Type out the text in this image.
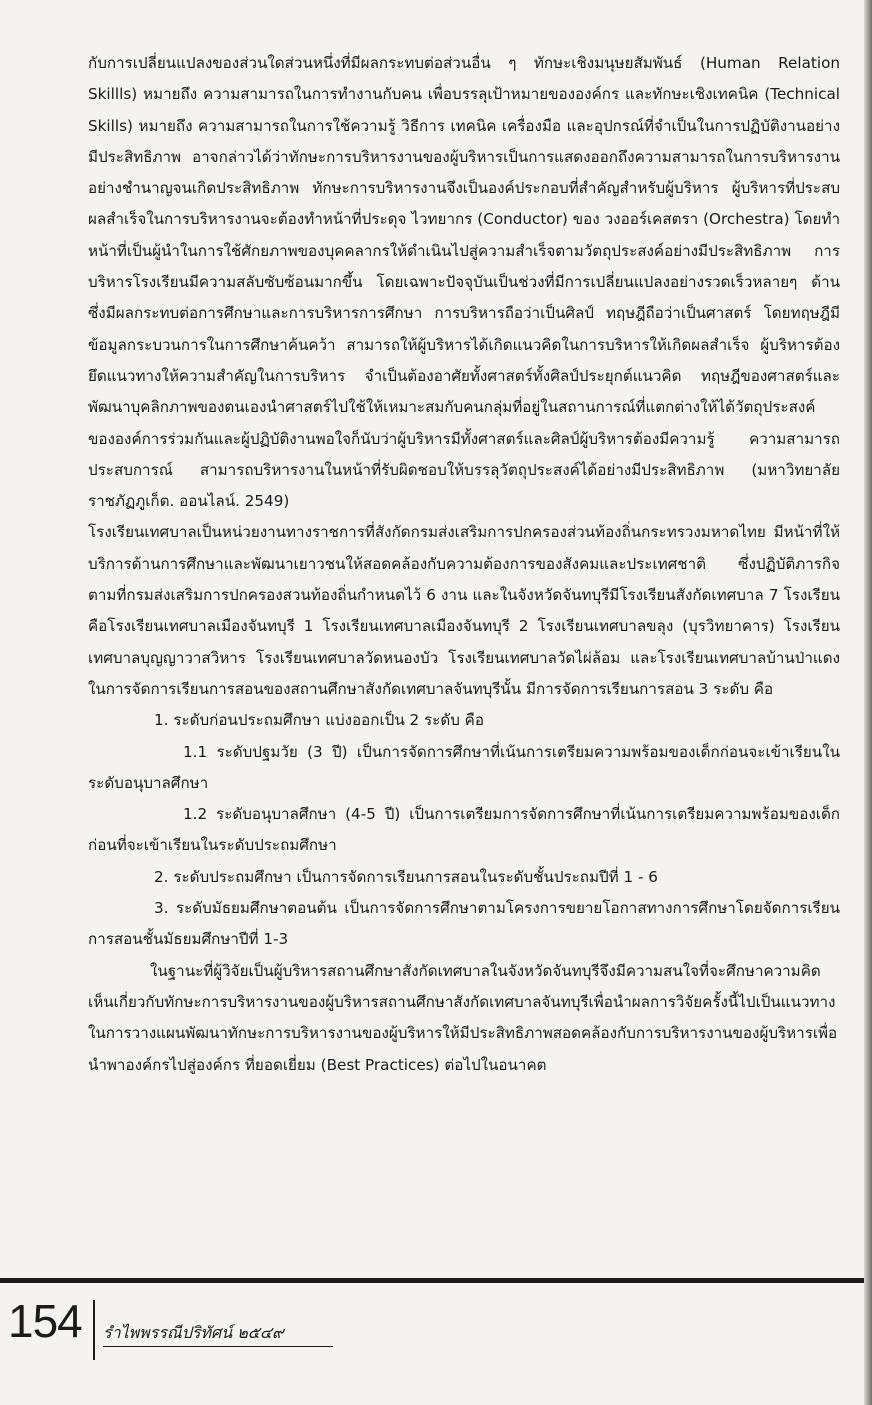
กับการเปลี่ยนแปลงของส่วนใดส่วนหนึ่งที่มีผลกระทบต่อส่วนอื่น ๆ ทักษะเชิงมนุษยสัมพันธ์ (Human Relation Skillls) หมายถึง ความสามารถในการทำงานกับคน เพื่อบรรลุเป้าหมายขององค์กร และทักษะเชิงเทคนิค (Technical Skills) หมายถึง ความสามารถในการใช้ความรู้ วิธีการ เทคนิค เครื่องมือ และอุปกรณ์ที่จำเป็นในการปฏิบัติงานอย่างมีประสิทธิภาพ อาจกล่าวได้ว่าทักษะการบริหารงานของผู้บริหารเป็นการแสดงออกถึงความสามารถในการบริหารงานอย่างชำนาญจนเกิดประสิทธิภาพ ทักษะการบริหารงานจึงเป็นองค์ประกอบที่สำคัญสำหรับผู้บริหาร ผู้บริหารที่ประสบผลสำเร็จในการบริหารงานจะต้องทำหน้าที่ประดุจ ไวทยากร (Conductor) ของ วงออร์เคสตรา (Orchestra) โดยทำหน้าที่เป็นผู้นำในการใช้ศักยภาพของบุคคลากรให้ดำเนินไปสู่ความสำเร็จตามวัตถุประสงค์อย่างมีประสิทธิภาพ การบริหารโรงเรียนมีความสลับซับซ้อนมากขึ้น โดยเฉพาะปัจจุบันเป็นช่วงที่มีการเปลี่ยนแปลงอย่างรวดเร็วหลายๆ ด้าน ซึ่งมีผลกระทบต่อการศึกษาและการบริหารการศึกษา การบริหารถือว่าเป็นศิลป์ ทฤษฎีถือว่าเป็นศาสตร์ โดยทฤษฎีมีข้อมูลกระบวนการในการศึกษาค้นคว้า สามารถให้ผู้บริหารได้เกิดแนวคิดในการบริหารให้เกิดผลสำเร็จ ผู้บริหารต้องยึดแนวทางให้ความสำคัญในการบริหาร จำเป็นต้องอาศัยทั้งศาสตร์ทั้งศิลป์ประยุกต์แนวคิด ทฤษฎีของศาสตร์และพัฒนาบุคลิกภาพของตนเองนำศาสตร์ไปใช้ให้เหมาะสมกับคนกลุ่มที่อยู่ในสถานการณ์ที่แตกต่างให้ได้วัตถุประสงค์ขององค์การร่วมกันและผู้ปฏิบัติงานพอใจก็นับว่าผู้บริหารมีทั้งศาสตร์และศิลป์ผู้บริหารต้องมีความรู้ ความสามารถ ประสบการณ์ สามารถบริหารงานในหน้าที่รับผิดชอบให้บรรลุวัตถุประสงค์ได้อย่างมีประสิทธิภาพ (มหาวิทยาลัยราชภัฏภูเก็ต. ออนไลน์. 2549)

โรงเรียนเทศบาลเป็นหน่วยงานทางราชการที่สังกัดกรมส่งเสริมการปกครองส่วนท้องถิ่นกระทรวงมหาดไทย มีหน้าที่ให้บริการด้านการศึกษาและพัฒนาเยาวชนให้สอดคล้องกับความต้องการของสังคมและประเทศชาติ ซึ่งปฏิบัติภารกิจตามที่กรมส่งเสริมการปกครองสวนท้องถิ่นกำหนดไว้ 6 งาน และในจังหวัดจันทบุรีมีโรงเรียนสังกัดเทศบาล 7 โรงเรียนคือโรงเรียนเทศบาลเมืองจันทบุรี 1 โรงเรียนเทศบาลเมืองจันทบุรี 2 โรงเรียนเทศบาลขลุง (บุรวิทยาคาร) โรงเรียนเทศบาลบุญญาวาสวิหาร โรงเรียนเทศบาลวัดหนองบัว โรงเรียนเทศบาลวัดไผ่ล้อม และโรงเรียนเทศบาลบ้านป่าแดง ในการจัดการเรียนการสอนของสถานศึกษาสังกัดเทศบาลจันทบุรีนั้น มีการจัดการเรียนการสอน 3 ระดับ คือ

1. ระดับก่อนประถมศึกษา แบ่งออกเป็น 2 ระดับ คือ

1.1 ระดับปฐมวัย (3 ปี) เป็นการจัดการศึกษาที่เน้นการเตรียมความพร้อมของเด็กก่อนจะเข้าเรียนในระดับอนุบาลศึกษา

1.2 ระดับอนุบาลศึกษา (4-5 ปี) เป็นการเตรียมการจัดการศึกษาที่เน้นการเตรียมความพร้อมของเด็กก่อนที่จะเข้าเรียนในระดับประถมศึกษา

2. ระดับประถมศึกษา เป็นการจัดการเรียนการสอนในระดับชั้นประถมปีที่ 1 - 6

3. ระดับมัธยมศึกษาตอนต้น เป็นการจัดการศึกษาตามโครงการขยายโอกาสทางการศึกษาโดยจัดการเรียนการสอนชั้นมัธยมศึกษาปีที่ 1-3

ในฐานะที่ผู้วิจัยเป็นผู้บริหารสถานศึกษาสังกัดเทศบาลในจังหวัดจันทบุรีจึงมีความสนใจที่จะศึกษาความคิดเห็นเกี่ยวกับทักษะการบริหารงานของผู้บริหารสถานศึกษาสังกัดเทศบาลจันทบุรีเพื่อนำผลการวิจัยครั้งนี้ไปเป็นแนวทางในการวางแผนพัฒนาทักษะการบริหารงานของผู้บริหารให้มีประสิทธิภาพสอดคล้องกับการบริหารงานของผู้บริหารเพื่อนำพาองค์กรไปสู่องค์กร ที่ยอดเยี่ยม (Best Practices) ต่อไปในอนาคต

154 รำไพพรรณีปริทัศน์ ๒๕๔๙
